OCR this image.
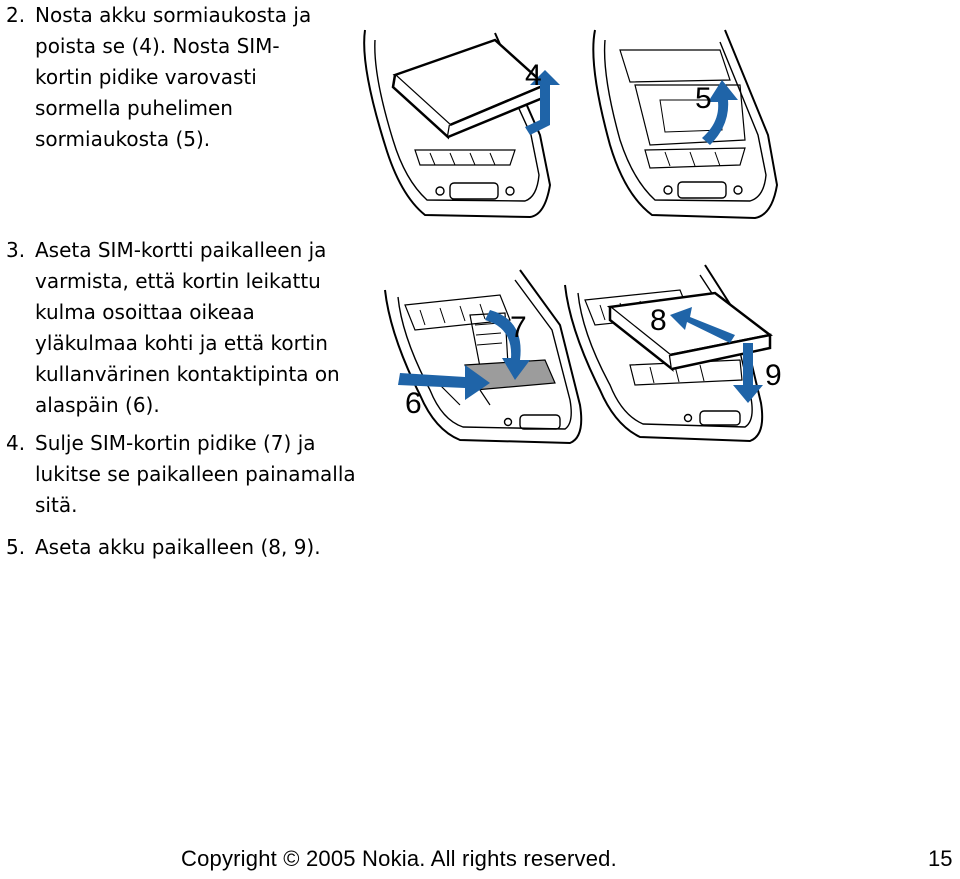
2. Nosta akku sormiaukosta ja poista se (4). Nosta SIM-kortin pidike varovasti sormella puhelimen sormiaukosta (5).
3. Aseta SIM-kortti paikalleen ja varmista, että kortin leikattu kulma osoittaa oikeaa yläkulmaa kohti ja että kortin kullanvärinen kontaktipinta on alaspäin (6).
4. Sulje SIM-kortin pidike (7) ja lukitse se paikalleen painamalla sitä.
5. Aseta akku paikalleen (8, 9).
4
5
6
7	8
9
Copyright © 2005 Nokia. All rights reserved.	15
